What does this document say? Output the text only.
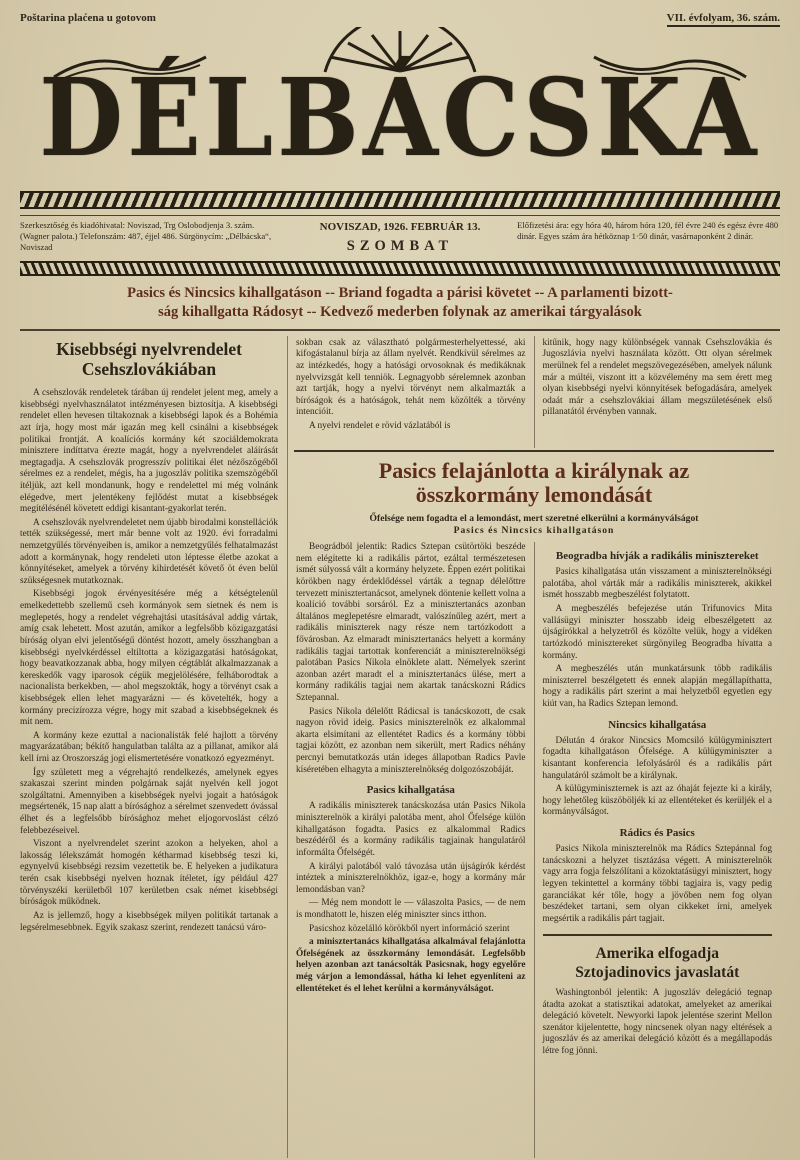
Poštarina plaćena u gotovom	VII. évfolyam, 36. szám.
DÉLBÁCSKA
Szerkesztőség és kiadóhivatal: Noviszad, Trg Oslobodjenja 3. szám. (Wagner palota.) Telefonszám: 487, éjjel 486. Sürgönycím: „Délbácska“, Noviszad
NOVISZAD, 1926. FEBRUÁR 13.
SZOMBAT
Előfizetési ára: egy hóra 40, három hóra 120, fél évre 240 és egész évre 480 dinár. Egyes szám ára hétköznap 1·50 dinár, vasárnaponként 2 dinár.
Pasics és Nincsics kihallgatáson -- Briand fogadta a párisi követet -- A parlamenti bizott-
ság kihallgatta Rádosyt -- Kedvező mederben folynak az amerikai tárgyalások
Kisebbségi nyelvrendelet
Csehszlovákiában

A csehszlovák rendeletek tárában új rendelet jelent meg, amely a kisebbségi nyelvhasználatot intézményesen biztosítja. A kisebbségi rendelet ellen hevesen tiltakoznak a kisebbségi lapok és a Bohémia azt írja, hogy most már igazán meg kell csinálni a kisebbségek politikai frontját. A koalíciós kormány két szociáldemokrata minisztere indíttatva érezte magát, hogy a nyelvrendelet aláírását megtagadja. A csehszlovák progresszív politikai élet nézőszögéből sérelmes ez a rendelet, mégis, ha a jugoszláv politika szemszögéből ítéljük, azt kell mondanunk, hogy e rendelettel mi még volnánk elégedve, mert jelentékeny fejlődést mutat a kisebbségek megítélésénél követett eddigi kisantant-gyakorlat terén.

A csehszlovák nyelvrendeletet nem újabb birodalmi konstellációk tették szükségessé, mert már benne volt az 1920. évi forradalmi nemzetgyűlés törvényeiben is, amikor a nemzetgyűlés felhatalmazást adott a kormánynak, hogy rendeleti uton léptesse életbe azokat a könnyítéseket, amelyek a törvény kihirdetését követő öt éven belül szükségesnek mutatkoznak.

Kisebbségi jogok érvényesítésére még a kétségtelenül emelkedettebb szellemű cseh kormányok sem sietnek és nem is meglepetés, hogy a rendelet végrehajtási utasításával addig vártak, amíg csak lehetett. Most azután, amikor a legfelsőbb közigazgatási bíróság olyan elvi jelentőségű döntést hozott, amely összhangban a kisebbségi nyelvkérdéssel eltiltotta a közigazgatási hatóságokat, hogy beavatkozzanak abba, hogy milyen cégtáblát alkalmazzanak a kereskedők vagy iparosok cégük megjelölésére, felháborodtak a nacionalista berkekben, — ahol megszokták, hogy a törvényt csak a kisebbségek ellen lehet magyarázni — és követelték, hogy a kormány precizírozza végre, hogy mit szabad a kisebbségeknek és mit nem.

A kormány keze ezuttal a nacionalisták felé hajlott a törvény magyarázatában; békítő hangulatban találta az a pillanat, amikor alá kell írni az Oroszország jogi elismertetésére vonatkozó egyezményt.

Így született meg a végrehajtó rendelkezés, amelynek egyes szakaszai szerint minden polgárnak saját nyelvén kell jogot szolgáltatni. Amennyiben a kisebbségek nyelvi jogait a hatóságok megsértenék, 15 nap alatt a bírósághoz a sérelmet szenvedett óvással élhet és a legfelsőbb bírósághoz mehet eljogorvoslást célzó felebbezéseivel.

Viszont a nyelvrendelet szerint azokon a helyeken, ahol a lakosság lélekszámát homogén kétharmad kisebbség teszi ki, egynyelvű kisebbségi rezsim vezettetik be. E helyeken a judikatura terén csak kisebbségi nyelven hoznak ítéletet, így például 427 törvényszéki kerületből 107 kerületben csak német kisebbségi bíróságok működnek.

Az is jellemző, hogy a kisebbségek milyen politikát tartanak a legsérelmesebbnek. Egyik szakasz szerint, rendezett tanácsú váro-

sokban csak az választható polgármesterhelyettessé, aki kifogástalanul bírja az állam nyelvét. Rendkívül sérelmes az az intézkedés, hogy a hatósági orvosoknak és medikáknak nyelvvizsgát kell tenniök. Legnagyobb sérelemnek azonban azt tartják, hogy a nyelvi törvényt nem alkalmazták a bíróságok és a hatóságok, tehát nem közölték a törvény intencióit.

A nyelvi rendelet e rövid vázlatából is

kitűnik, hogy nagy különbségek vannak Csehszlovákia és Jugoszlávia nyelvi használata között. Ott olyan sérelmek merülnek fel a rendelet megszövegezésében, amelyek nálunk már a múltéi, viszont itt a közvélemény ma sem érett meg olyan kisebbségi nyelvi könnyítések befogadására, amelyek odaát már a csehszlovákiai állam megszületésének első pillanatától érvényben vannak.

Pasics felajánlotta a királynak az
összkormány lemondását
Őfelsége nem fogadta el a lemondást, mert szeretné elkerülni a kormányválságot
Pasics és Nincsics kihallgatáson

Beográdból jelentik: Radics Sztepan csütörtöki beszéde nem elégítette ki a radikális pártot, ezáltal természetesen ismét súlyossá vált a kormány helyzete. Éppen ezért politikai körökben nagy érdeklődéssel várták a tegnap délelőttre tervezett minisztertanácsot, amelynek döntenie kellett volna a koalíció további sorsáról. Ez a minisztertanács azonban általános meglepetésre elmaradt, valószínűleg azért, mert a radikális miniszterek nagy része nem tartózkodott a fővárosban. Az elmaradt minisztertanács helyett a kormány radikális tagjai tartottak konferenciát a miniszterelnökségi palotában Pasics Nikola elnöklete alatt. Némelyek szerint azonban azért maradt el a minisztertanács ülése, mert a kormány radikális tagjai nem akartak tanácskozni Rádics Sztepannal.

Pasics Nikola délelőtt Rádicsal is tanácskozott, de csak nagyon rövid ideig. Pasics miniszterelnök ez alkalommal akarta elsimítani az ellentétet Radics és a kormány többi tagjai között, ez azonban nem sikerült, mert Radics néhány percnyi bemutatkozás után ideges állapotban Radics Pavle kíséretében elhagyta a miniszterelnökség dolgozószobáját.

Pasics kihallgatása

A radikális miniszterek tanácskozása után Pasics Nikola miniszterelnök a királyi palotába ment, ahol Őfelsége külön kihallgatáson fogadta. Pasics ez alkalommal Radics beszédéről és a kormány radikális tagjainak hangulatáról informálta Őfelségét.

A királyi palotából való távozása után újságírók kérdést intéztek a miniszterelnökhöz, igaz-e, hogy a kormány már lemondásban van?

— Még nem mondott le — válaszolta Pasics, — de nem is mondhatott le, hiszen elég miniszter sincs itthon.

Pasicshoz közelálló körökből nyert információ szerint

a minisztertanács kihallgatása alkalmával felajánlotta Őfelségének az összkormány lemondását. Legfelsőbb helyen azonban azt tanácsolták Pasicsnak, hogy egyelőre még várjon a lemondással, hátha ki lehet egyenlíteni az ellentéteket és el lehet kerülni a kormányválságot.

Beogradba hívják a radikális minisztereket

Pasics kihallgatása után visszament a miniszterelnökségi palotába, ahol várták már a radikális miniszterek, akikkel ismét hosszabb megbeszélést folytatott.

A megbeszélés befejezése után Trifunovics Mita vallásügyi miniszter hosszabb ideig elbeszélgetett az újságírókkal a helyzetről és közölte velük, hogy a vidéken tartózkodó minisztereket sürgönyileg Beogradba hívatta a kormány.

A megbeszélés után munkatársunk több radikális miniszterrel beszélgetett és ennek alapján megállapíthatta, hogy a radikális párt szerint a mai helyzetből egyetlen egy kiút van, ha Radics Sztepan lemond.

Nincsics kihallgatása

Délután 4 órakor Nincsics Momcsiló külügyminisztert fogadta kihallgatáson Őfelsége. A külügyminiszter a kisantant konferencia lefolyásáról és a radikális párt hangulatáról számolt be a királynak.

A külügyminiszternek is azt az óhaját fejezte ki a király, hogy lehetőleg küszöböljék ki az ellentéteket és kerüljék el a kormányválságot.

Rádics és Pasics

Pasics Nikola miniszterelnök ma Rádics Sztepánnal fog tanácskozni a helyzet tisztázása végett. A miniszterelnök vagy arra fogja felszólítani a közoktatásügyi minisztert, hogy legyen tekintettel a kormány többi tagjaira is, vagy pedig garanciákat kér tőle, hogy a jövőben nem fog olyan beszédeket tartani, sem olyan cikkeket írni, amelyek megsértik a radikális párt tagjait.

Amerika elfogadja
Sztojadinovics javaslatát

Washingtonból jelentik: A jugoszláv delegáció tegnap átadta azokat a statisztikai adatokat, amelyeket az amerikai delegáció követelt. Newyorki lapok jelentése szerint Mellon szenátor kijelentette, hogy nincsenek olyan nagy eltérések a jugoszláv és az amerikai delegáció között és a megállapodás létre fog jönni.
